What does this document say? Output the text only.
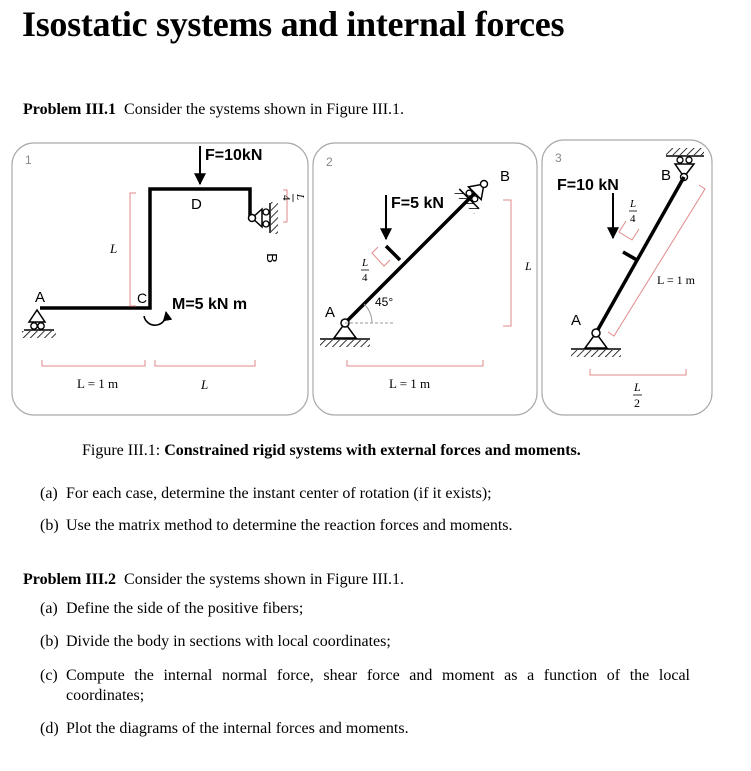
Isostatic systems and internal forces
Problem III.1 Consider the systems shown in Figure III.1.
1	F=10kN
M=5 kN m
A	C
D
B
L
L = 1 m	L
L
4
2
F=5 kN
45°
A
B
L = 1 m
L
L
4
3
F=10 kN
A
B
L = 1 m
L
4
L
2
Figure III.1: Constrained rigid systems with external forces and moments.
(a) For each case, determine the instant center of rotation (if it exists);
(b) Use the matrix method to determine the reaction forces and moments.
Problem III.2 Consider the systems shown in Figure III.1.
(a) Define the side of the positive fibers;
(b) Divide the body in sections with local coordinates;
(c) Compute the internal normal force, shear force and moment as a function of the local coordinates;
(d) Plot the diagrams of the internal forces and moments.
